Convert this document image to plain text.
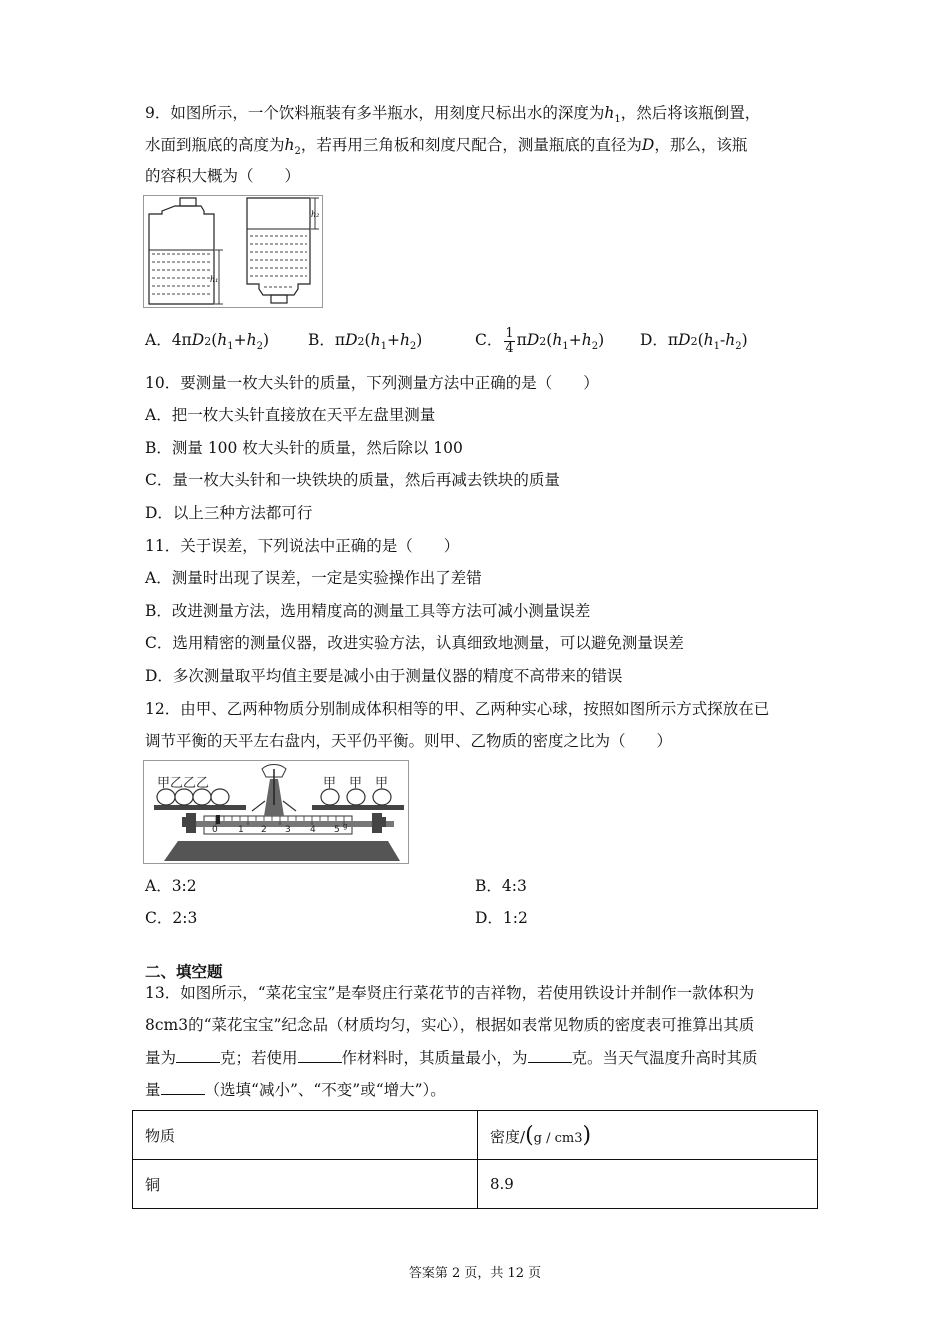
9．如图所示，一个饮料瓶装有多半瓶水，用刻度尺标出水的深度为$h_1$，然后将该瓶倒置，
水面到瓶底的高度为$h_2$，若再用三角板和刻度尺配合，测量瓶底的直径为D，那么，该瓶
的容积大概为（　　）
h₁
h₂
A．$4\pi D2(h_1+h_2)$	B．$\pi D2(h_1+h_2)$	C． $\frac{1}{4} \pi D2(h_1+h_2)$ D．$\pi D2(h_1-h_2)$
10．要测量一枚大头针的质量，下列测量方法中正确的是（　　）
A．把一枚大头针直接放在天平左盘里测量
B．测量 100 枚大头针的质量，然后除以 100
C．量一枚大头针和一块铁块的质量，然后再减去铁块的质量
D．以上三种方法都可行
11．关于误差，下列说法中正确的是（　　）
A．测量时出现了误差，一定是实验操作出了差错
B．改进测量方法，选用精度高的测量工具等方法可减小测量误差
C．选用精密的测量仪器，改进实验方法，认真细致地测量，可以避免测量误差
D．多次测量取平均值主要是减小由于测量仪器的精度不高带来的错误
12．由甲、乙两种物质分别制成体积相等的甲、乙两种实心球，按照如图所示方式探放在已
调节平衡的天平左右盘内，天平仍平衡。则甲、乙物质的密度之比为（　　）
0 1 2 3 4 5 g
甲乙乙乙	甲 甲 甲
A．3:2	B．4:3
C．2:3	D．1:2
二、填空题
13．如图所示，“菜花宝宝”是奉贤庄行菜花节的吉祥物，若使用铁设计并制作一款体积为
8cm3的“菜花宝宝”纪念品（材质均匀，实心），根据如表常见物质的密度表可推算出其质
量为	克；若使用	作材料时，其质量最小，为	克。当天气温度升高时其质
量	（选填“减小”、“不变”或“增大”）。
物质	密度/(g / cm3)
铜	8.9
答案第 2 页，共 12 页
